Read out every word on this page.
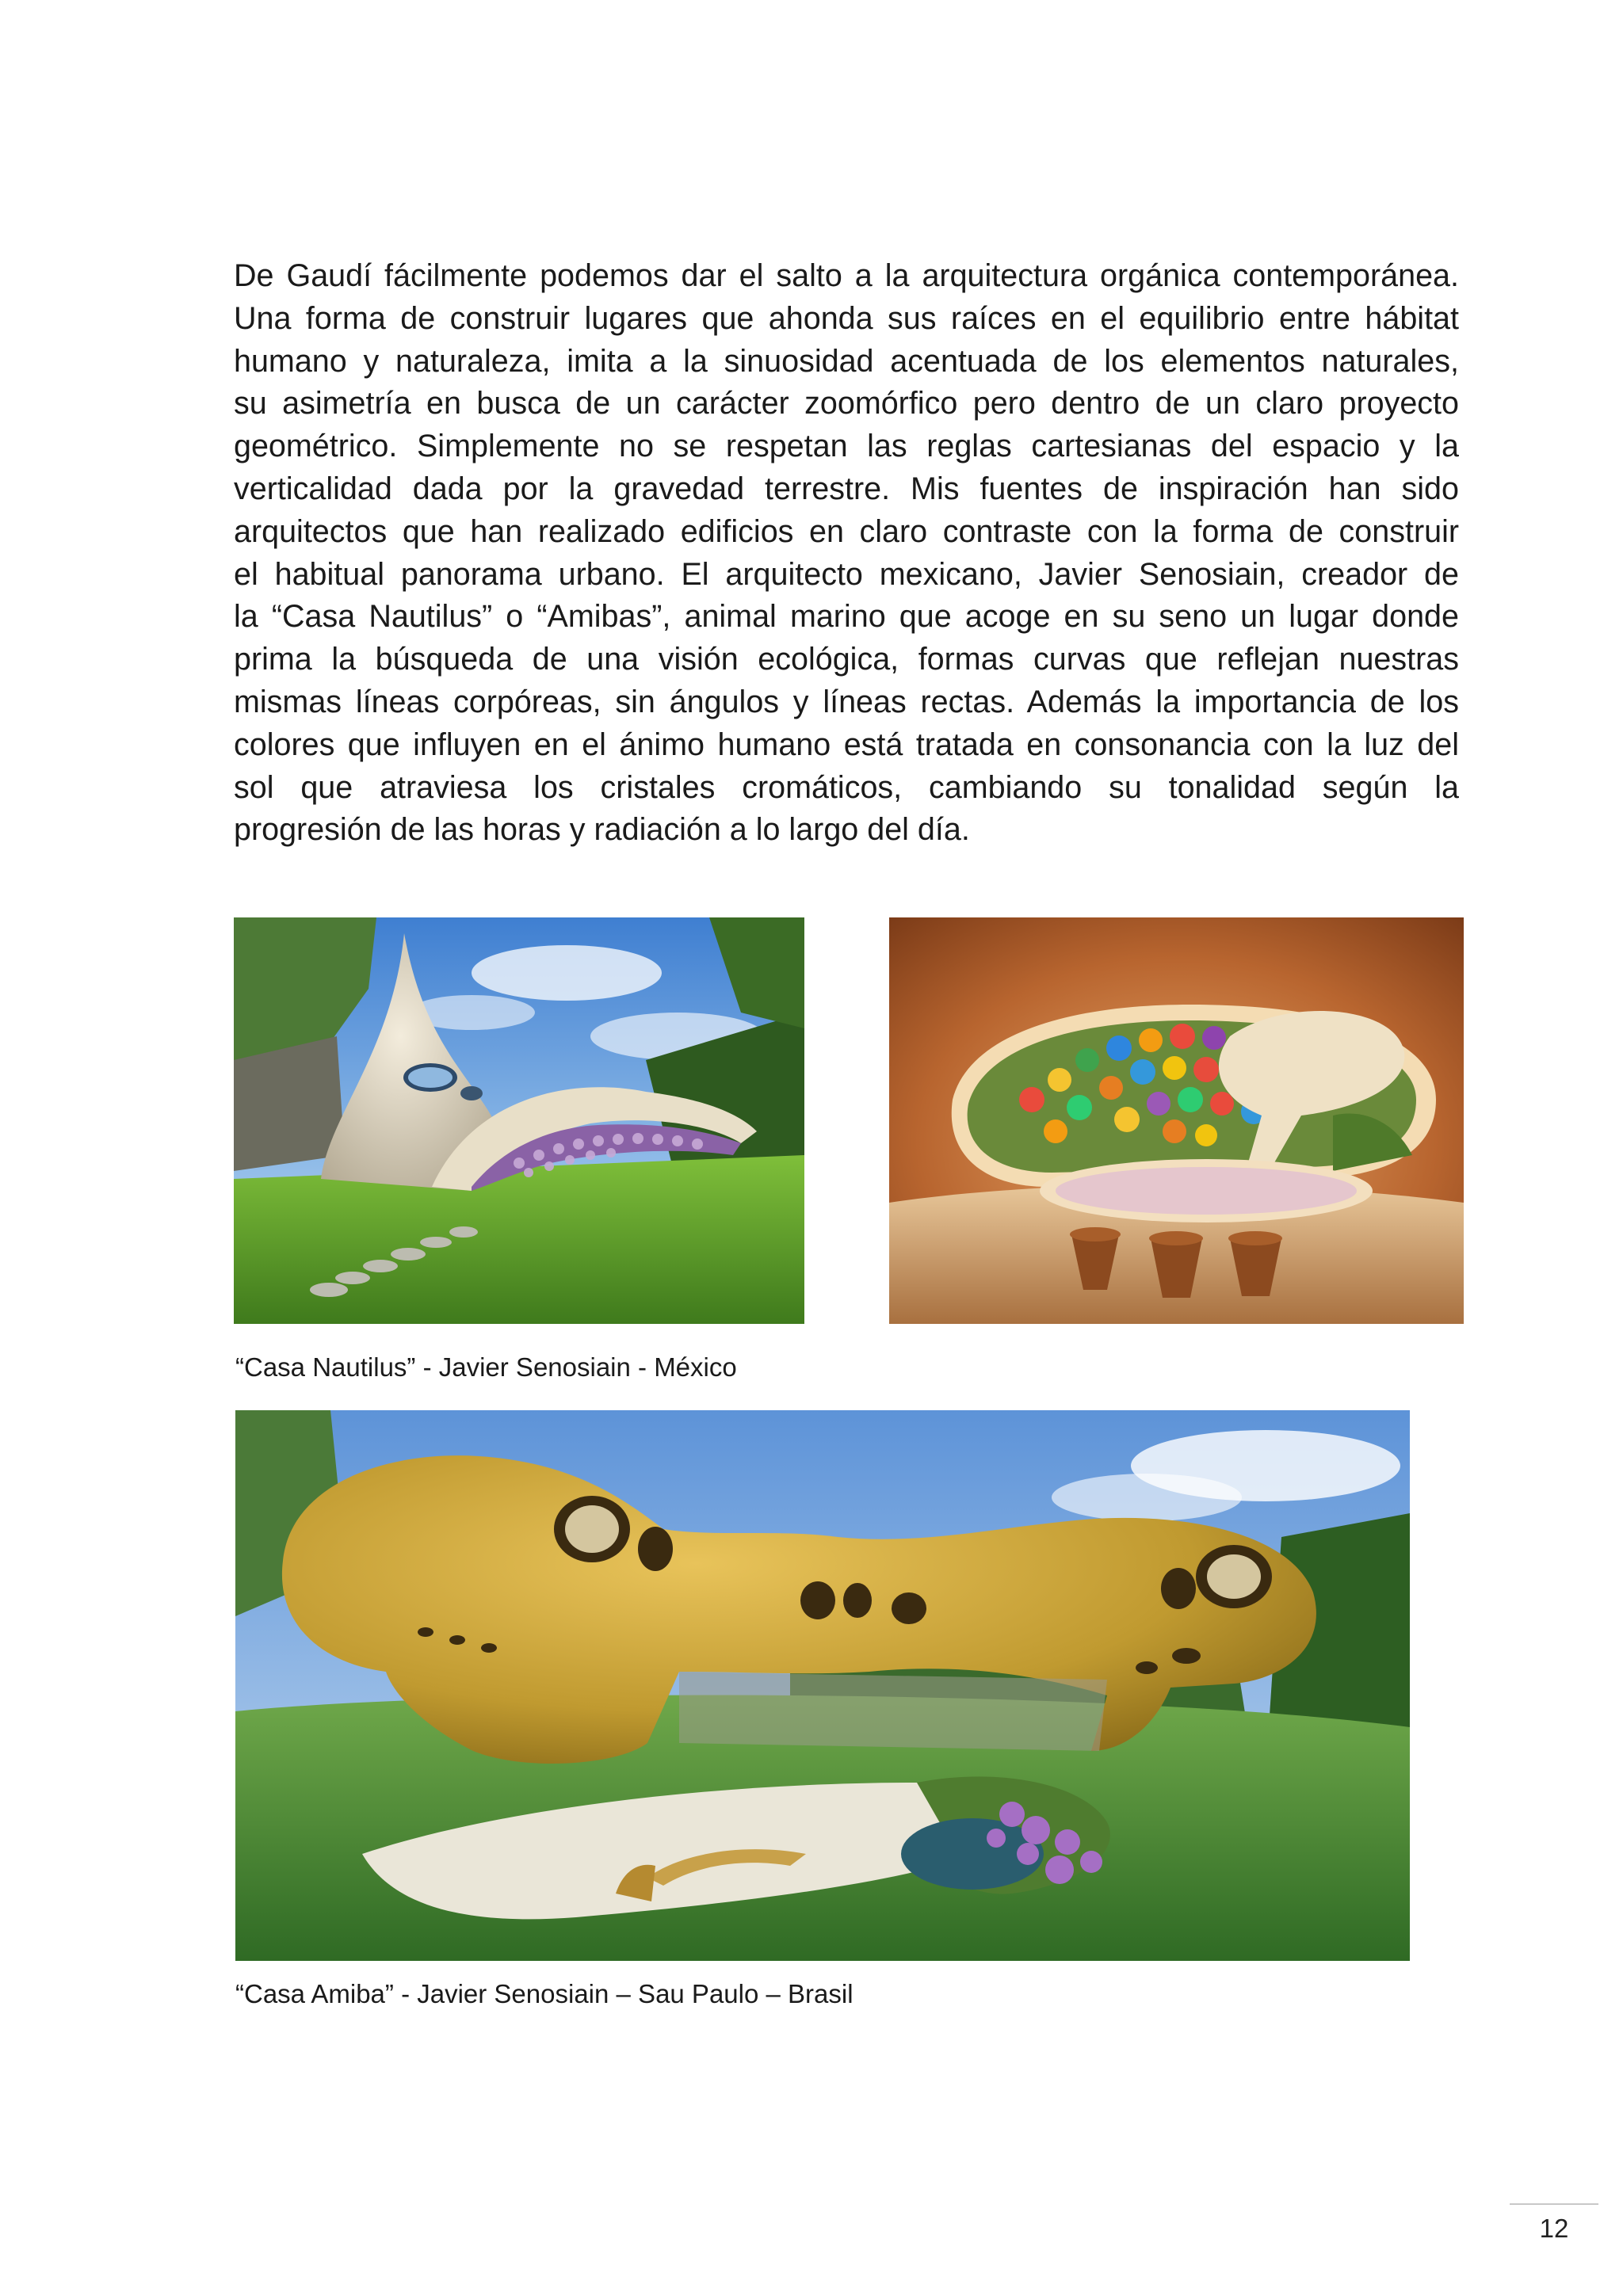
De Gaudí fácilmente podemos dar el salto a la arquitectura orgánica contemporánea.
Una forma de construir lugares que ahonda sus raíces en el equilibrio entre hábitat
humano y naturaleza, imita a la sinuosidad acentuada de los elementos naturales,
su asimetría en busca de un carácter zoomórfico pero dentro de un claro proyecto
geométrico. Simplemente no se respetan las reglas cartesianas del espacio y la
verticalidad dada por la gravedad terrestre. Mis fuentes de inspiración han sido
arquitectos que han realizado edificios en claro contraste con la forma de construir
el habitual panorama urbano. El arquitecto mexicano, Javier Senosiain, creador de
la “Casa Nautilus” o “Amibas”, animal marino que acoge en su seno un lugar donde
prima la búsqueda de una visión ecológica, formas curvas que reflejan nuestras
mismas líneas corpóreas, sin ángulos y líneas rectas. Además la importancia de los
colores que influyen en el ánimo humano está tratada en consonancia con la luz del
sol que atraviesa los cristales cromáticos, cambiando su tonalidad según la
progresión de las horas y radiación a lo largo del día.

“Casa Nautilus” - Javier Senosiain - México

“Casa Amiba” - Javier Senosiain – Sau Paulo – Brasil

12
